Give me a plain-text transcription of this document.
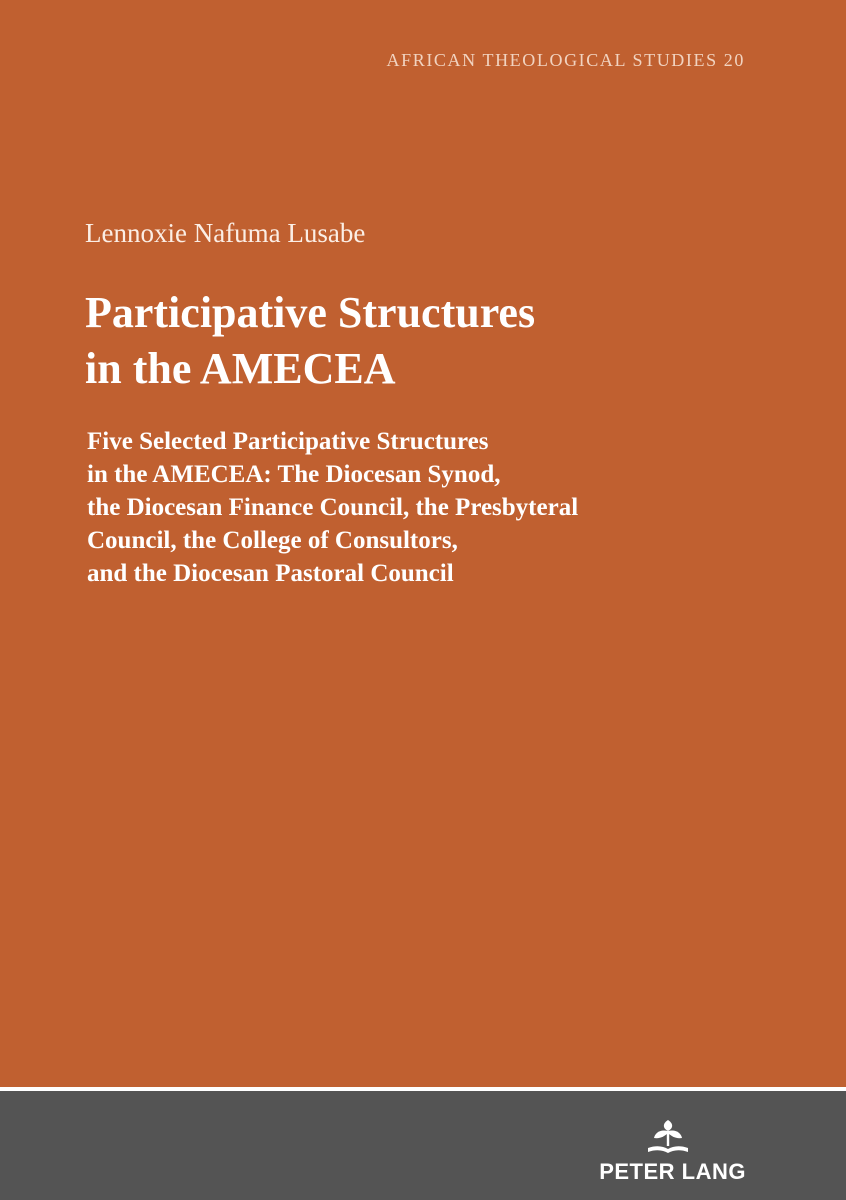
AFRICAN THEOLOGICAL STUDIES 20

Lennoxie Nafuma Lusabe
Participative Structures
in the AMECEA
Five Selected Participative Structures
in the AMECEA: The Diocesan Synod,
the Diocesan Finance Council, the Presbyteral
Council, the College of Consultors,
and the Diocesan Pastoral Council

PETER LANG
